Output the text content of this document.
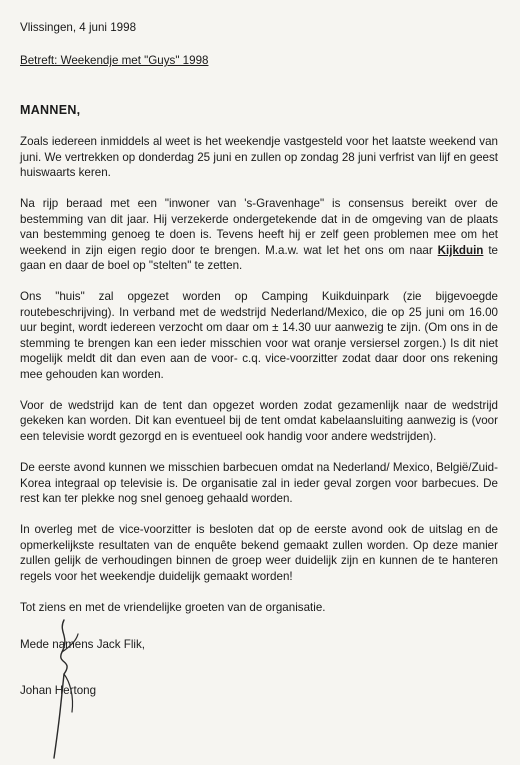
Vlissingen, 4 juni 1998

Betreft: Weekendje met "Guys" 1998

MANNEN,

Zoals iedereen inmiddels al weet is het weekendje vastgesteld voor het laatste weekend van juni. We vertrekken op donderdag 25 juni en zullen op zondag 28 juni verfrist van lijf en geest huiswaarts keren.

Na rijp beraad met een "inwoner van 's-Gravenhage" is consensus bereikt over de bestemming van dit jaar. Hij verzekerde ondergetekende dat in de omgeving van de plaats van bestemming genoeg te doen is. Tevens heeft hij er zelf geen problemen mee om het weekend in zijn eigen regio door te brengen. M.a.w. wat let het ons om naar Kijkduin te gaan en daar de boel op "stelten" te zetten.

Ons "huis" zal opgezet worden op Camping Kuikduinpark (zie bijgevoegde routebeschrijving). In verband met de wedstrijd Nederland/Mexico, die op 25 juni om 16.00 uur begint, wordt iedereen verzocht om daar om ± 14.30 uur aanwezig te zijn. (Om ons in de stemming te brengen kan een ieder misschien voor wat oranje versiersel zorgen.) Is dit niet mogelijk meldt dit dan even aan de voor- c.q. vice-voorzitter zodat daar door ons rekening mee gehouden kan worden.

Voor de wedstrijd kan de tent dan opgezet worden zodat gezamenlijk naar de wedstrijd gekeken kan worden. Dit kan eventueel bij de tent omdat kabelaansluiting aanwezig is (voor een televisie wordt gezorgd en is eventueel ook handig voor andere wedstrijden).

De eerste avond kunnen we misschien barbecuen omdat na Nederland/ Mexico, België/Zuid-Korea integraal op televisie is. De organisatie zal in ieder geval zorgen voor barbecues. De rest kan ter plekke nog snel genoeg gehaald worden.

In overleg met de vice-voorzitter is besloten dat op de eerste avond ook de uitslag en de opmerkelijkste resultaten van de enquête bekend gemaakt zullen worden. Op deze manier zullen gelijk de verhoudingen binnen de groep weer duidelijk zijn en kunnen de te hanteren regels voor het weekendje duidelijk gemaakt worden!

Tot ziens en met de vriendelijke groeten van de organisatie.

Mede namens Jack Flik,

Johan Hertong
